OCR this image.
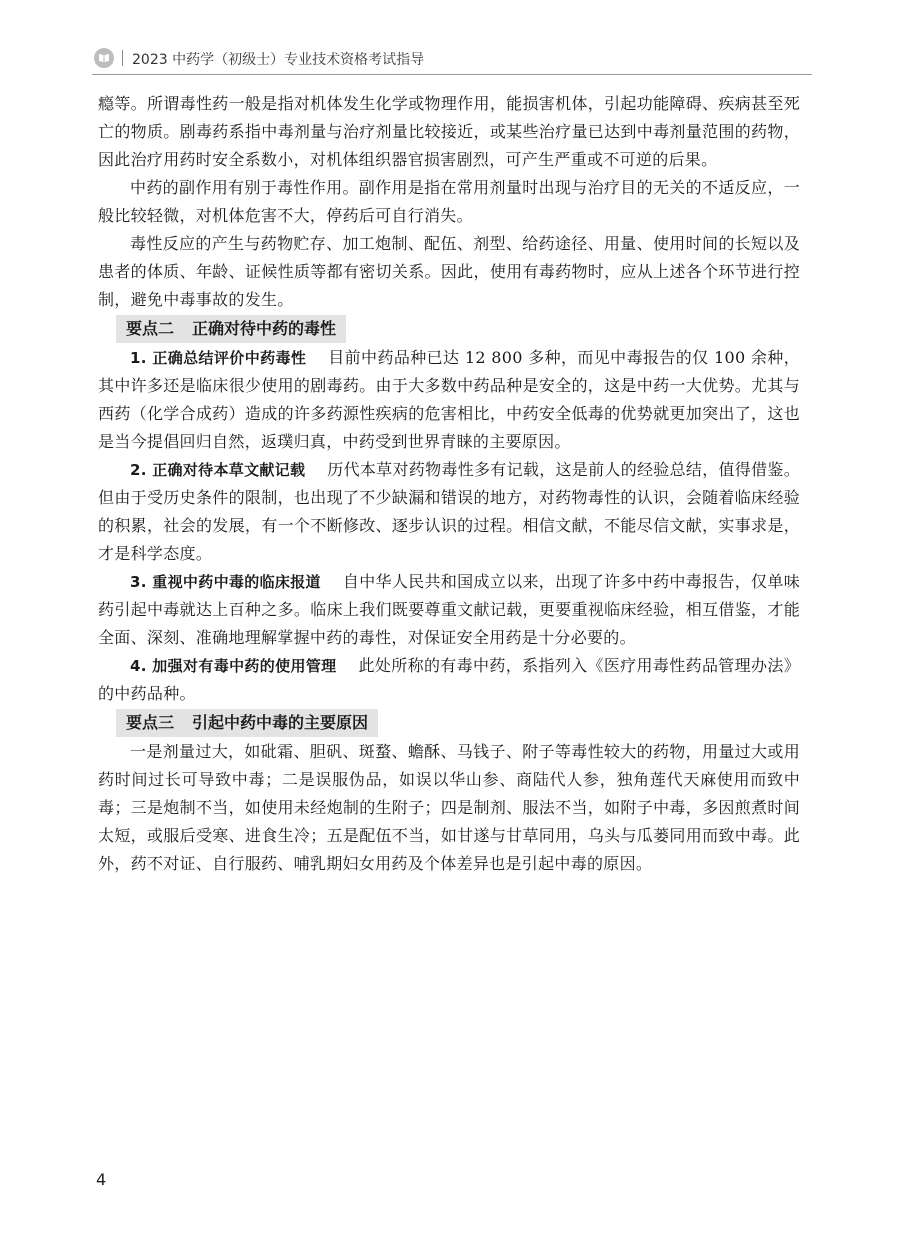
2023 中药学（初级士）专业技术资格考试指导

瘾等。所谓毒性药一般是指对机体发生化学或物理作用，能损害机体，引起功能障碍、疾病甚至死亡的物质。剧毒药系指中毒剂量与治疗剂量比较接近，或某些治疗量已达到中毒剂量范围的药物，因此治疗用药时安全系数小，对机体组织器官损害剧烈，可产生严重或不可逆的后果。

中药的副作用有别于毒性作用。副作用是指在常用剂量时出现与治疗目的无关的不适反应，一般比较轻微，对机体危害不大，停药后可自行消失。

毒性反应的产生与药物贮存、加工炮制、配伍、剂型、给药途径、用量、使用时间的长短以及患者的体质、年龄、证候性质等都有密切关系。因此，使用有毒药物时，应从上述各个环节进行控制，避免中毒事故的发生。

要点二 正确对待中药的毒性

1. 正确总结评价中药毒性 目前中药品种已达 12 800 多种，而见中毒报告的仅 100 余种，其中许多还是临床很少使用的剧毒药。由于大多数中药品种是安全的，这是中药一大优势。尤其与西药（化学合成药）造成的许多药源性疾病的危害相比，中药安全低毒的优势就更加突出了，这也是当今提倡回归自然，返璞归真，中药受到世界青睐的主要原因。

2. 正确对待本草文献记载 历代本草对药物毒性多有记载，这是前人的经验总结，值得借鉴。但由于受历史条件的限制，也出现了不少缺漏和错误的地方，对药物毒性的认识，会随着临床经验的积累，社会的发展，有一个不断修改、逐步认识的过程。相信文献，不能尽信文献，实事求是，才是科学态度。

3. 重视中药中毒的临床报道 自中华人民共和国成立以来，出现了许多中药中毒报告，仅单味药引起中毒就达上百种之多。临床上我们既要尊重文献记载，更要重视临床经验，相互借鉴，才能全面、深刻、准确地理解掌握中药的毒性，对保证安全用药是十分必要的。

4. 加强对有毒中药的使用管理 此处所称的有毒中药，系指列入《医疗用毒性药品管理办法》的中药品种。

要点三 引起中药中毒的主要原因

一是剂量过大，如砒霜、胆矾、斑蝥、蟾酥、马钱子、附子等毒性较大的药物，用量过大或用药时间过长可导致中毒；二是误服伪品，如误以华山参、商陆代人参，独角莲代天麻使用而致中毒；三是炮制不当，如使用未经炮制的生附子；四是制剂、服法不当，如附子中毒，多因煎煮时间太短，或服后受寒、进食生冷；五是配伍不当，如甘遂与甘草同用，乌头与瓜蒌同用而致中毒。此外，药不对证、自行服药、哺乳期妇女用药及个体差异也是引起中毒的原因。

4
